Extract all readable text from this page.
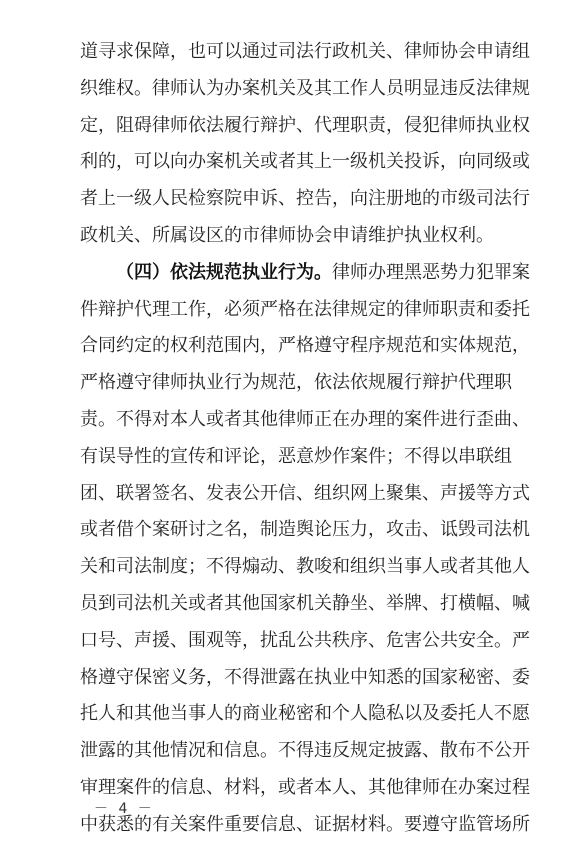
道寻求保障，也可以通过司法行政机关、律师协会申请组
织维权。律师认为办案机关及其工作人员明显违反法律规
定，阻碍律师依法履行辩护、代理职责，侵犯律师执业权
利的，可以向办案机关或者其上一级机关投诉，向同级或
者上一级人民检察院申诉、控告，向注册地的市级司法行
政机关、所属设区的市律师协会申请维护执业权利。
（四）依法规范执业行为。律师办理黑恶势力犯罪案
件辩护代理工作，必须严格在法律规定的律师职责和委托
合同约定的权利范围内，严格遵守程序规范和实体规范，
严格遵守律师执业行为规范，依法依规履行辩护代理职
责。不得对本人或者其他律师正在办理的案件进行歪曲、
有误导性的宣传和评论，恶意炒作案件；不得以串联组
团、联署签名、发表公开信、组织网上聚集、声援等方式
或者借个案研讨之名，制造舆论压力，攻击、诋毁司法机
关和司法制度；不得煽动、教唆和组织当事人或者其他人
员到司法机关或者其他国家机关静坐、举牌、打横幅、喊
口号、声援、围观等，扰乱公共秩序、危害公共安全。严
格遵守保密义务，不得泄露在执业中知悉的国家秘密、委
托人和其他当事人的商业秘密和个人隐私以及委托人不愿
泄露的其他情况和信息。不得违反规定披露、散布不公开
审理案件的信息、材料，或者本人、其他律师在办案过程
中获悉的有关案件重要信息、证据材料。要遵守监管场所
－ 4 －
